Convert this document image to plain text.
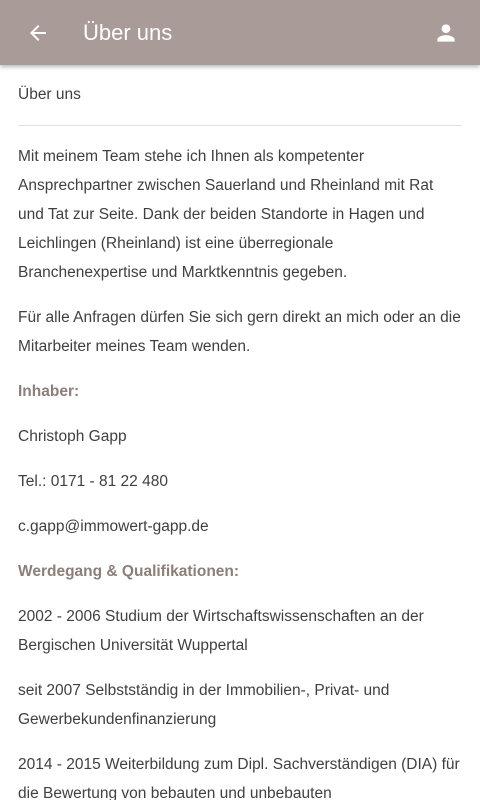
Über uns
Über uns

Mit meinem Team stehe ich Ihnen als kompetenter Ansprechpartner zwischen Sauerland und Rheinland mit Rat und Tat zur Seite. Dank der beiden Standorte in Hagen und Leichlingen (Rheinland) ist eine überregionale Branchenexpertise und Marktkenntnis gegeben.

Für alle Anfragen dürfen Sie sich gern direkt an mich oder an die Mitarbeiter meines Team wenden.

Inhaber:

Christoph Gapp

Tel.: 0171 - 81 22 480

c.gapp@immowert-gapp.de

Werdegang & Qualifikationen:

2002 - 2006 Studium der Wirtschaftswissenschaften an der Bergischen Universität Wuppertal

seit 2007 Selbstständig in der Immobilien-, Privat- und Gewerbekundenfinanzierung

2014 - 2015 Weiterbildung zum Dipl. Sachverständigen (DIA) für die Bewertung von bebauten und unbebauten
